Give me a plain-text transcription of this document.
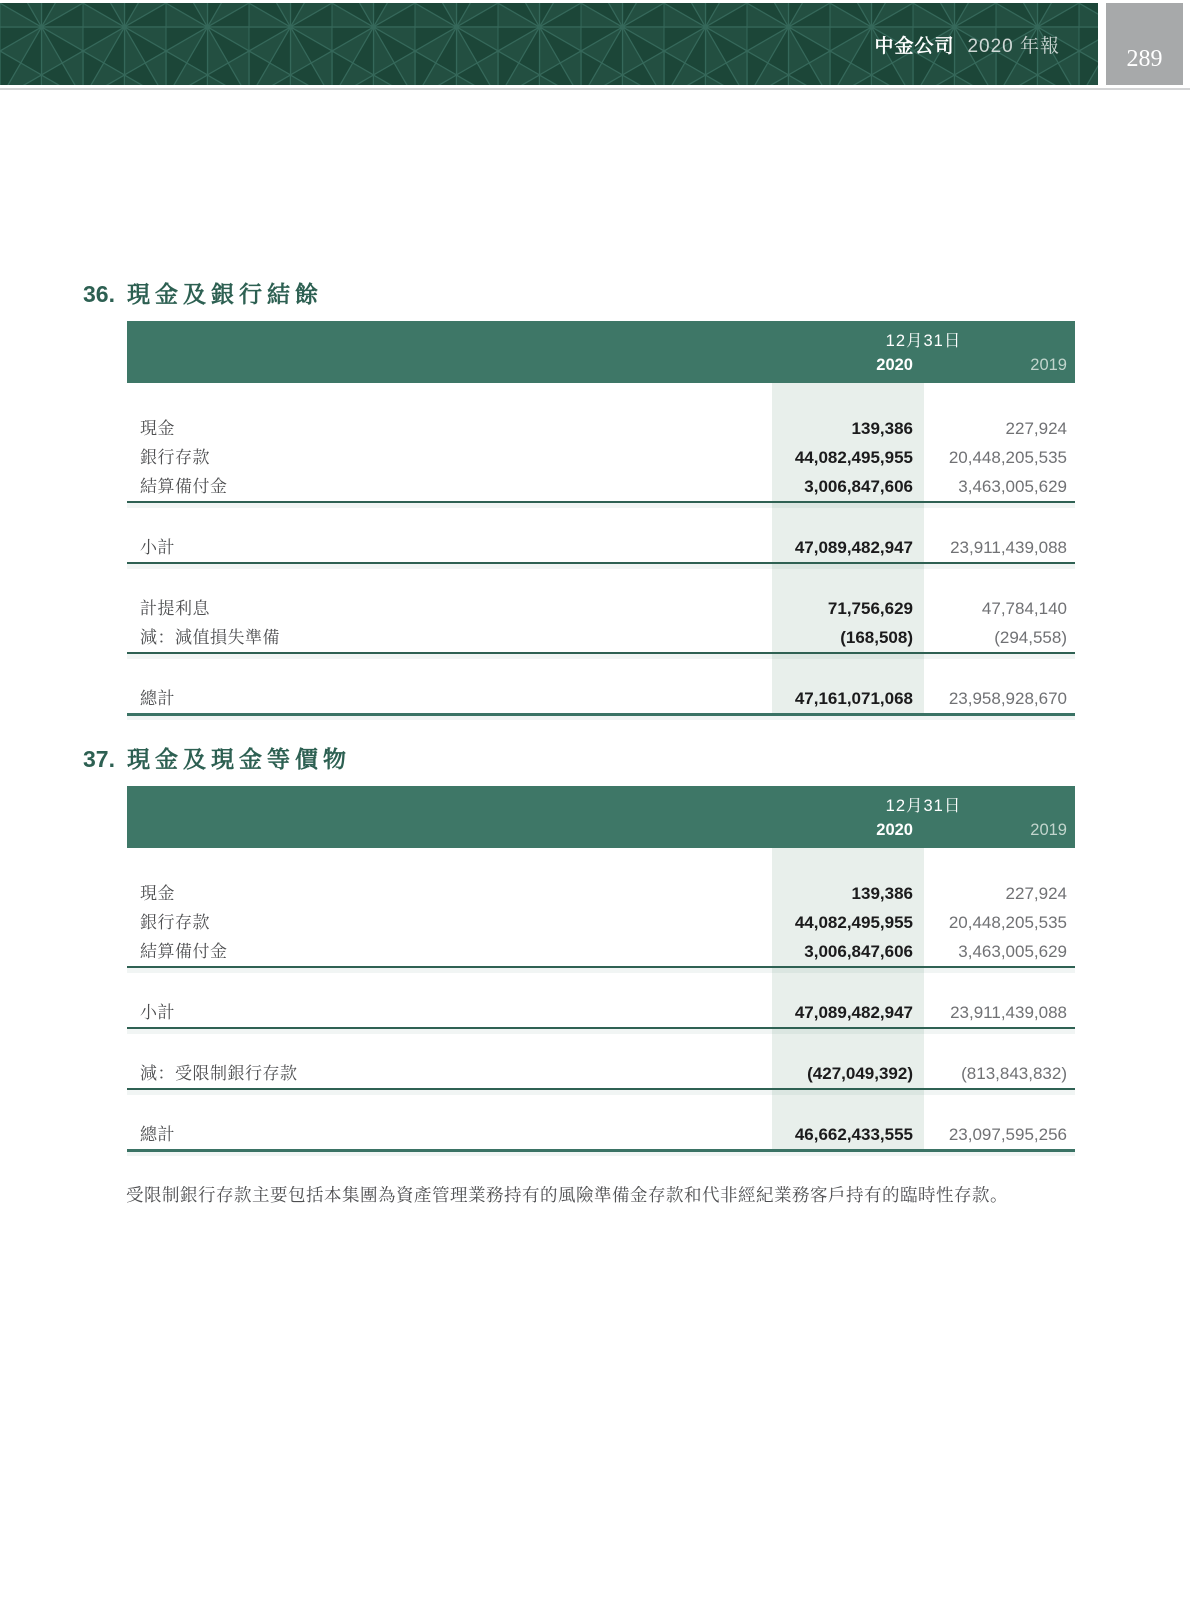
中金公司 2020 年報	289
36. 現金及銀行結餘
12月31日
2020	2019
現金	139,386	227,924
銀行存款	44,082,495,955	20,448,205,535
結算備付金	3,006,847,606	3,463,005,629
小計	47,089,482,947	23,911,439,088
計提利息	71,756,629	47,784,140
減：減值損失準備	(168,508)	(294,558)
總計	47,161,071,068	23,958,928,670
37. 現金及現金等價物
12月31日
2020	2019
現金	139,386	227,924
銀行存款	44,082,495,955	20,448,205,535
結算備付金	3,006,847,606	3,463,005,629
小計	47,089,482,947	23,911,439,088
減：受限制銀行存款	(427,049,392)	(813,843,832)
總計	46,662,433,555	23,097,595,256
受限制銀行存款主要包括本集團為資產管理業務持有的風險準備金存款和代非經紀業務客戶持有的臨時性存款。
